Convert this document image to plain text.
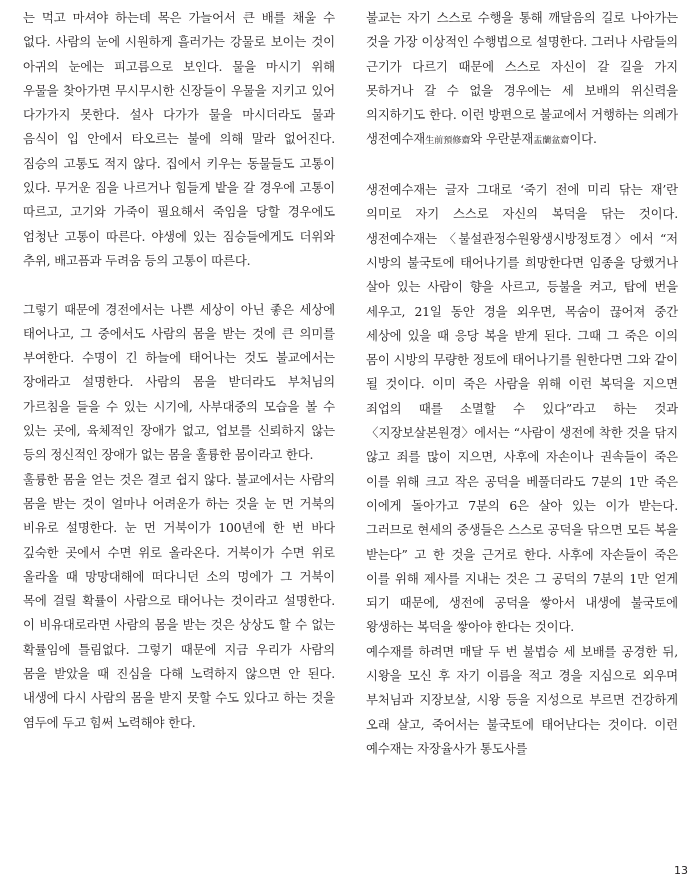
는 먹고 마셔야 하는데 목은 가늘어서 큰 배를 채울 수 없다. 사람의 눈에 시원하게 흘러가는 강물로 보이는 것이 아귀의 눈에는 피고름으로 보인다. 물을 마시기 위해 우물을 찾아가면 무시무시한 신장들이 우물을 지키고 있어 다가가지 못한다. 설사 다가가 물을 마시더라도 물과 음식이 입 안에서 타오르는 불에 의해 말라 없어진다. 짐승의 고통도 적지 않다. 집에서 키우는 동물들도 고통이 있다. 무거운 짐을 나르거나 힘들게 밭을 갈 경우에 고통이 따르고, 고기와 가죽이 필요해서 죽임을 당할 경우에도 엄청난 고통이 따른다. 야생에 있는 짐승들에게도 더위와 추위, 배고픔과 두려움 등의 고통이 따른다.

그렇기 때문에 경전에서는 나쁜 세상이 아닌 좋은 세상에 태어나고, 그 중에서도 사람의 몸을 받는 것에 큰 의미를 부여한다. 수명이 긴 하늘에 태어나는 것도 불교에서는 장애라고 설명한다. 사람의 몸을 받더라도 부처님의 가르침을 들을 수 있는 시기에, 사부대중의 모습을 볼 수 있는 곳에, 육체적인 장애가 없고, 업보를 신뢰하지 않는 등의 정신적인 장애가 없는 몸을 훌륭한 몸이라고 한다.

훌륭한 몸을 얻는 것은 결코 쉽지 않다. 불교에서는 사람의 몸을 받는 것이 얼마나 어려운가 하는 것을 눈 먼 거북의 비유로 설명한다. 눈 먼 거북이가 100년에 한 번 바다 깊숙한 곳에서 수면 위로 올라온다. 거북이가 수면 위로 올라올 때 망망대해에 떠다니던 소의 멍에가 그 거북이 목에 걸릴 확률이 사람으로 태어나는 것이라고 설명한다. 이 비유대로라면 사람의 몸을 받는 것은 상상도 할 수 없는 확률임에 틀림없다. 그렇기 때문에 지금 우리가 사람의 몸을 받았을 때 진심을 다해 노력하지 않으면 안 된다. 내생에 다시 사람의 몸을 받지 못할 수도 있다고 하는 것을 염두에 두고 힘써 노력해야 한다.

불교는 자기 스스로 수행을 통해 깨달음의 길로 나아가는 것을 가장 이상적인 수행법으로 설명한다. 그러나 사람들의 근기가 다르기 때문에 스스로 자신이 갈 길을 가지 못하거나 갈 수 없을 경우에는 세 보배의 위신력을 의지하기도 한다. 이런 방편으로 불교에서 거행하는 의례가 생전예수재生前預修齋와 우란분재盂蘭盆齋이다.

생전예수재는 글자 그대로 ‘죽기 전에 미리 닦는 재’란 의미로 자기 스스로 자신의 복덕을 닦는 것이다. 생전예수재는 〈불설관정수원왕생시방정토경〉에서 “저 시방의 불국토에 태어나기를 희망한다면 임종을 당했거나 살아 있는 사람이 향을 사르고, 등불을 켜고, 탑에 번을 세우고, 21일 동안 경을 외우면, 목숨이 끊어져 중간 세상에 있을 때 응당 복을 받게 된다. 그때 그 죽은 이의 몸이 시방의 무량한 정토에 태어나기를 원한다면 그와 같이 될 것이다. 이미 죽은 사람을 위해 이런 복덕을 지으면 죄업의 때를 소멸할 수 있다”라고 하는 것과 〈지장보살본원경〉에서는 “사람이 생전에 착한 것을 닦지 않고 죄를 많이 지으면, 사후에 자손이나 권속들이 죽은 이를 위해 크고 작은 공덕을 베풀더라도 7분의 1만 죽은 이에게 돌아가고 7분의 6은 살아 있는 이가 받는다. 그러므로 현세의 중생들은 스스로 공덕을 닦으면 모든 복을 받는다” 고 한 것을 근거로 한다. 사후에 자손들이 죽은 이를 위해 제사를 지내는 것은 그 공덕의 7분의 1만 얻게 되기 때문에, 생전에 공덕을 쌓아서 내생에 불국토에 왕생하는 복덕을 쌓아야 한다는 것이다.

예수재를 하려면 매달 두 번 불법승 세 보배를 공경한 뒤, 시왕을 모신 후 자기 이름을 적고 경을 지심으로 외우며 부처님과 지장보살, 시왕 등을 지성으로 부르면 건강하게 오래 살고, 죽어서는 불국토에 태어난다는 것이다. 이런 예수재는 자장율사가 통도사를

13
